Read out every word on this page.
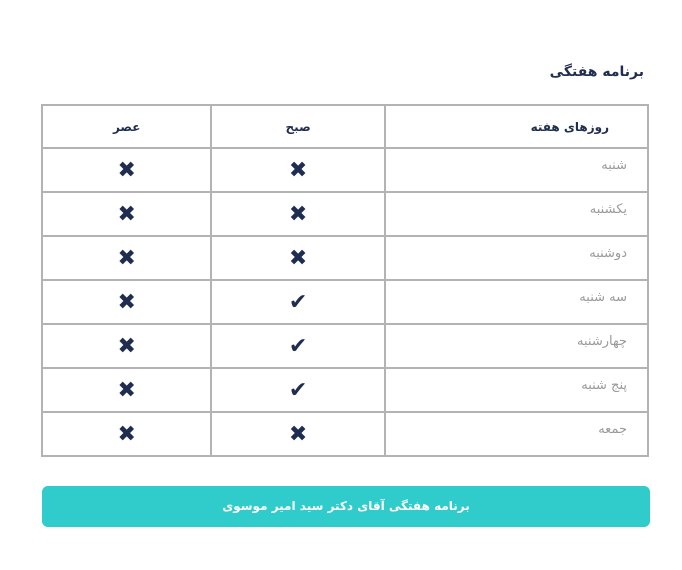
برنامه هفتگی
روزهای هفته	صبح	عصر
شنبه	✖	✖
یکشنبه	✖	✖
دوشنبه	✖	✖
سه شنبه	✔	✖
چهارشنبه	✔	✖
پنج شنبه	✔	✖
جمعه	✖	✖
برنامه هفتگی آقای دکتر سید امیر موسوی
